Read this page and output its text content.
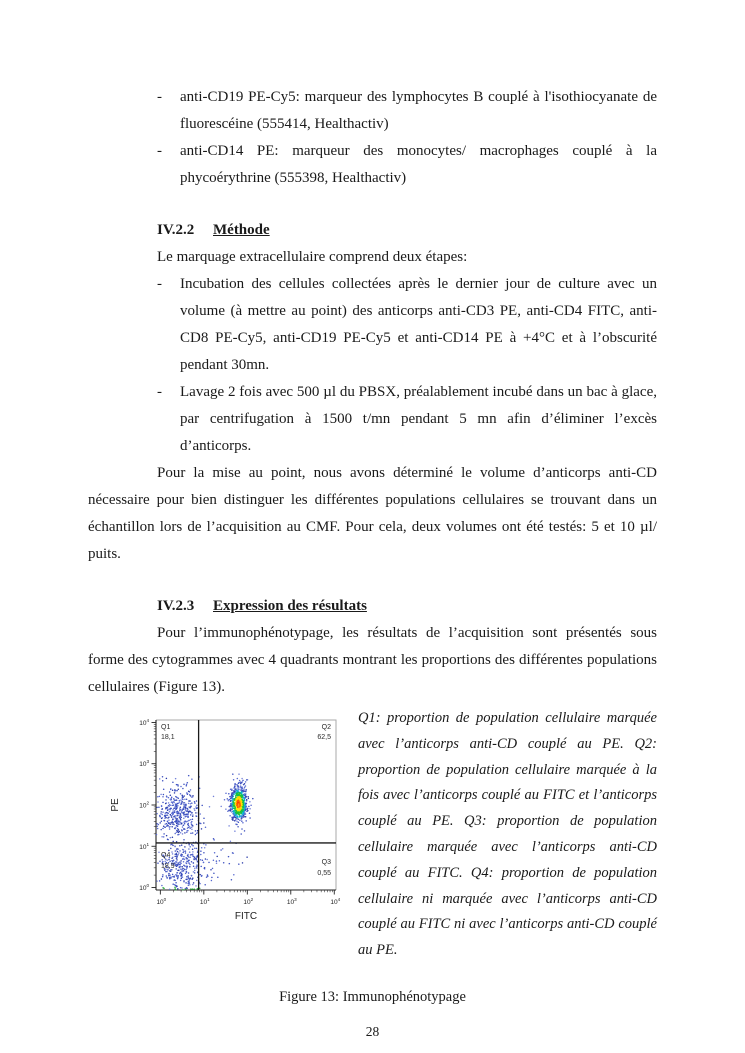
-	anti-CD19 PE-Cy5: marqueur des lymphocytes B couplé à l'isothiocyanate de fluorescéine (555414, Healthactiv)
-	anti-CD14 PE: marqueur des monocytes/ macrophages couplé à la phycoérythrine (555398, Healthactiv)
IV.2.2 Méthode

Le marquage extracellulaire comprend deux étapes:

-	Incubation des cellules collectées après le dernier jour de culture avec un volume (à mettre au point) des anticorps anti-CD3 PE, anti-CD4 FITC, anti-CD8 PE-Cy5, anti-CD19 PE-Cy5 et anti-CD14 PE à +4°C et à l’obscurité pendant 30mn.
-	Lavage 2 fois avec 500 µl du PBSX, préalablement incubé dans un bac à glace, par centrifugation à 1500 t/mn pendant 5 mn afin d’éliminer l’excès d’anticorps.

Pour la mise au point, nous avons déterminé le volume d’anticorps anti-CD nécessaire pour bien distinguer les différentes populations cellulaires se trouvant dans un échantillon lors de l’acquisition au CMF. Pour cela, deux volumes ont été testés: 5 et 10 µl/ puits.

IV.2.3 Expression des résultats

Pour l’immunophénotypage, les résultats de l’acquisition sont présentés sous forme des cytogrammes avec 4 quadrants montrant les proportions des différentes populations cellulaires (Figure 13).

$10^0$
$10^0$
$10^1$
$10^1$
$10^2$
$10^2$
$10^3$
$10^3$
$10^4$
$10^4$
Q1
18,1
Q2
62,5
Q3
0,55
Q4
18,9
FITC
PE
Q1: proportion de population cellulaire marquée avec l’anticorps anti-CD couplé au PE. Q2: proportion de population cellulaire marquée à la fois avec l’anticorps couplé au FITC et l’anticorps couplé au PE. Q3: proportion de population cellulaire marquée avec l’anticorps anti-CD couplé au FITC. Q4: proportion de population cellulaire ni marquée avec l’anticorps anti-CD couplé au FITC ni avec l’anticorps anti-CD couplé au PE.
Figure 13: Immunophénotypage
28
